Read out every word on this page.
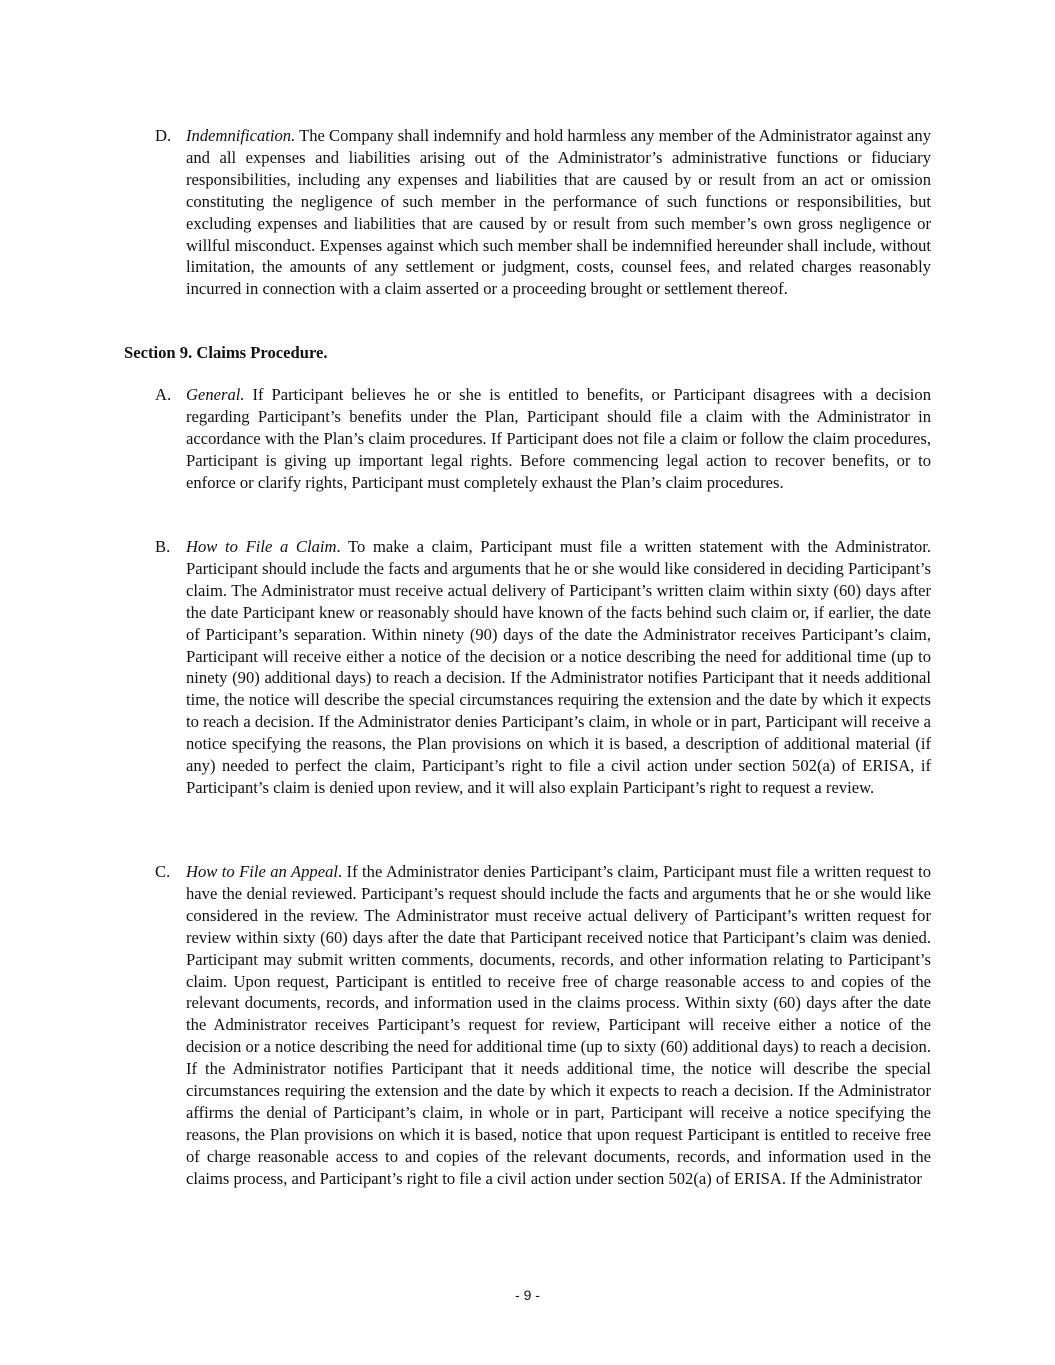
D. Indemnification. The Company shall indemnify and hold harmless any member of the Administrator against any and all expenses and liabilities arising out of the Administrator’s administrative functions or fiduciary responsibilities, including any expenses and liabilities that are caused by or result from an act or omission constituting the negligence of such member in the performance of such functions or responsibilities, but excluding expenses and liabilities that are caused by or result from such member’s own gross negligence or willful misconduct. Expenses against which such member shall be indemnified hereunder shall include, without limitation, the amounts of any settlement or judgment, costs, counsel fees, and related charges reasonably incurred in connection with a claim asserted or a proceeding brought or settlement thereof.
Section 9. Claims Procedure.
A. General. If Participant believes he or she is entitled to benefits, or Participant disagrees with a decision regarding Participant’s benefits under the Plan, Participant should file a claim with the Administrator in accordance with the Plan’s claim procedures. If Participant does not file a claim or follow the claim procedures, Participant is giving up important legal rights. Before commencing legal action to recover benefits, or to enforce or clarify rights, Participant must completely exhaust the Plan’s claim procedures.
B. How to File a Claim. To make a claim, Participant must file a written statement with the Administrator. Participant should include the facts and arguments that he or she would like considered in deciding Participant’s claim. The Administrator must receive actual delivery of Participant’s written claim within sixty (60) days after the date Participant knew or reasonably should have known of the facts behind such claim or, if earlier, the date of Participant’s separation. Within ninety (90) days of the date the Administrator receives Participant’s claim, Participant will receive either a notice of the decision or a notice describing the need for additional time (up to ninety (90) additional days) to reach a decision. If the Administrator notifies Participant that it needs additional time, the notice will describe the special circumstances requiring the extension and the date by which it expects to reach a decision. If the Administrator denies Participant’s claim, in whole or in part, Participant will receive a notice specifying the reasons, the Plan provisions on which it is based, a description of additional material (if any) needed to perfect the claim, Participant’s right to file a civil action under section 502(a) of ERISA, if Participant’s claim is denied upon review, and it will also explain Participant’s right to request a review.
C. How to File an Appeal. If the Administrator denies Participant’s claim, Participant must file a written request to have the denial reviewed. Participant’s request should include the facts and arguments that he or she would like considered in the review. The Administrator must receive actual delivery of Participant’s written request for review within sixty (60) days after the date that Participant received notice that Participant’s claim was denied. Participant may submit written comments, documents, records, and other information relating to Participant’s claim. Upon request, Participant is entitled to receive free of charge reasonable access to and copies of the relevant documents, records, and information used in the claims process. Within sixty (60) days after the date the Administrator receives Participant’s request for review, Participant will receive either a notice of the decision or a notice describing the need for additional time (up to sixty (60) additional days) to reach a decision. If the Administrator notifies Participant that it needs additional time, the notice will describe the special circumstances requiring the extension and the date by which it expects to reach a decision. If the Administrator affirms the denial of Participant’s claim, in whole or in part, Participant will receive a notice specifying the reasons, the Plan provisions on which it is based, notice that upon request Participant is entitled to receive free of charge reasonable access to and copies of the relevant documents, records, and information used in the claims process, and Participant’s right to file a civil action under section 502(a) of ERISA. If the Administrator
- 9 -
